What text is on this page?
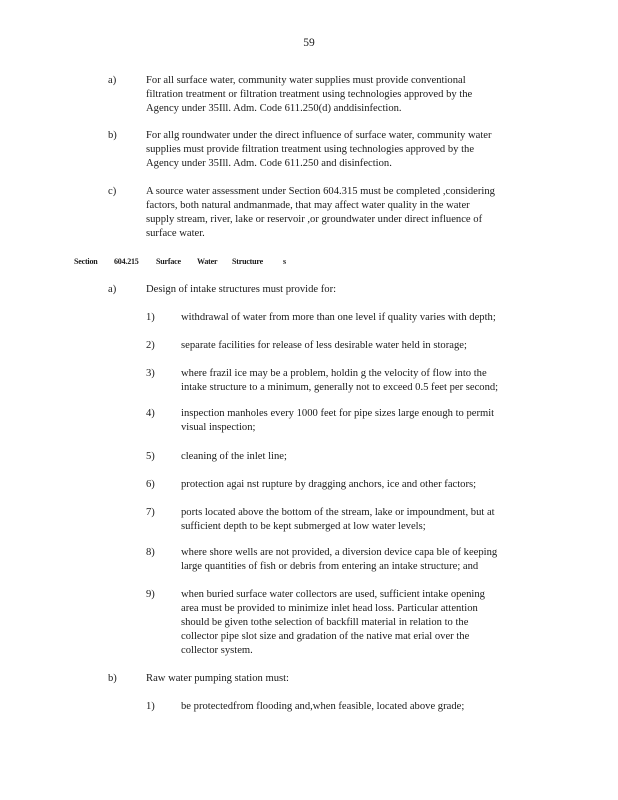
59
a)	For all surface water, community water supplies must provide conventional
filtration treatment or filtration treatment using technologies approved by the
Agency under 35Ill. Adm. Code 611.250(d) anddisinfection.
b)	For allg roundwater under the direct influence of surface water, community water
supplies must provide filtration treatment using technologies approved by the
Agency under 35Ill. Adm. Code 611.250 and disinfection.
c)	A source water assessment under Section 604.315 must be completed ,considering
factors, both natural andmanmade, that may affect water quality in the water
supply stream, river, lake or reservoir ,or groundwater under direct influence of
surface water.
Section 604.215 Surface Water Structure	s
a)	Design of intake structures must provide for:
1) withdrawal of water from more than one level if quality varies with depth;
2) separate facilities for release of less desirable water held in storage;
3) where frazil ice may be a problem, holdin g the velocity of flow into the
intake structure to a minimum, generally not to exceed 0.5 feet per second;
4) inspection manholes every 1000 feet for pipe sizes large enough to permit
visual inspection;
5) cleaning of the inlet line;
6) protection agai nst rupture by dragging anchors, ice and other factors;
7) ports located above the bottom of the stream, lake or impoundment, but at
sufficient depth to be kept submerged at low water levels;
8) where shore wells are not provided, a diversion device capa ble of keeping
large quantities of fish or debris from entering an intake structure; and
9) when buried surface water collectors are used, sufficient intake opening
area must be provided to minimize inlet head loss. Particular attention
should be given tothe selection of backfill material in relation to the
collector pipe slot size and gradation of the native mat erial over the
collector system.
b)	Raw water pumping station must:
1) be protectedfrom flooding and,when feasible, located above grade;
